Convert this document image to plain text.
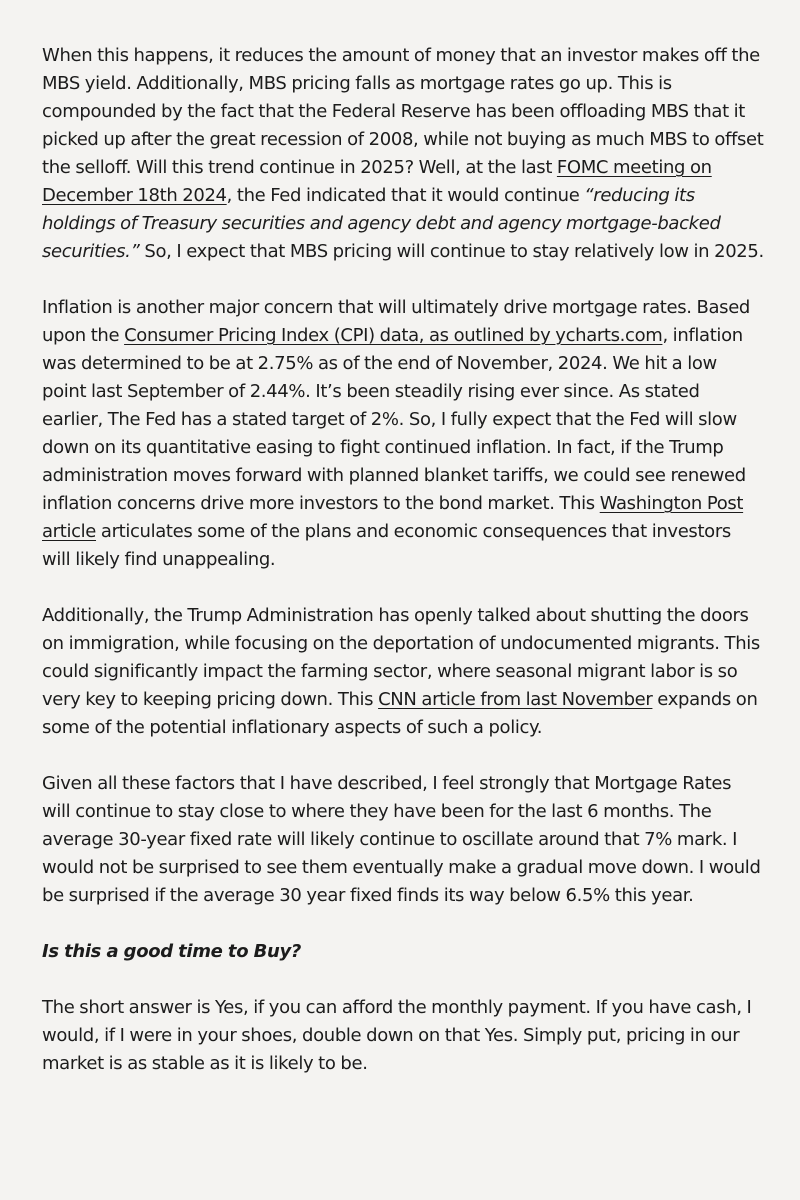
When this happens, it reduces the amount of money that an investor makes off the MBS yield. Additionally, MBS pricing falls as mortgage rates go up. This is compounded by the fact that the Federal Reserve has been offloading MBS that it picked up after the great recession of 2008, while not buying as much MBS to offset the selloff. Will this trend continue in 2025? Well, at the last FOMC meeting on December 18th 2024, the Fed indicated that it would continue “reducing its holdings of Treasury securities and agency debt and agency mortgage-backed securities.” So, I expect that MBS pricing will continue to stay relatively low in 2025.

Inflation is another major concern that will ultimately drive mortgage rates. Based upon the Consumer Pricing Index (CPI) data, as outlined by ycharts.com, inflation was determined to be at 2.75% as of the end of November, 2024. We hit a low point last September of 2.44%. It’s been steadily rising ever since. As stated earlier, The Fed has a stated target of 2%. So, I fully expect that the Fed will slow down on its quantitative easing to fight continued inflation. In fact, if the Trump administration moves forward with planned blanket tariffs, we could see renewed inflation concerns drive more investors to the bond market. This Washington Post article articulates some of the plans and economic consequences that investors will likely find unappealing.

Additionally, the Trump Administration has openly talked about shutting the doors on immigration, while focusing on the deportation of undocumented migrants. This could significantly impact the farming sector, where seasonal migrant labor is so very key to keeping pricing down. This CNN article from last November expands on some of the potential inflationary aspects of such a policy.

Given all these factors that I have described, I feel strongly that Mortgage Rates will continue to stay close to where they have been for the last 6 months. The average 30-year fixed rate will likely continue to oscillate around that 7% mark. I would not be surprised to see them eventually make a gradual move down. I would be surprised if the average 30 year fixed finds its way below 6.5% this year.

Is this a good time to Buy?

The short answer is Yes, if you can afford the monthly payment. If you have cash, I would, if I were in your shoes, double down on that Yes. Simply put, pricing in our market is as stable as it is likely to be.
